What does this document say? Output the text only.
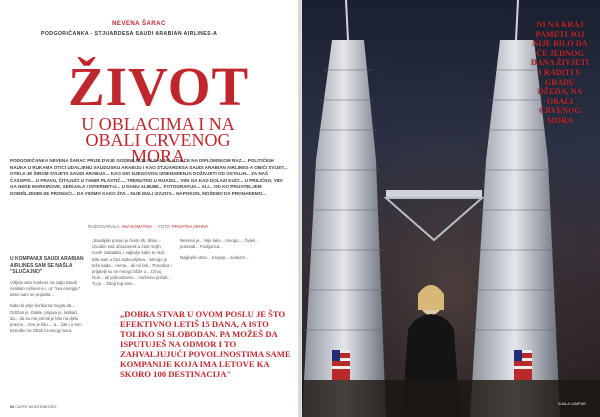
NEVENA ŠARAC
PODGORIČANKA - STJUARDESA SAUDI ARABIAN AIRLINES-A
ŽIVOT
U OBLACIMA I NA OBALI CRVENOG MORA

PODGORIČANKA NEVENA ŠARAC PRIJE DVIJE GODINE NIJE NI SANJALA DA ĆE NA DIPLOMSKOM RAZ.... POLITIČKIH NAUKA U RUKAMA OTICI UDALJENU SAUDIJSKU ARABIJU I KAO STJUARDESA SAUDI ARABIAN AIRLINES-A OBIĆI SVIJET... OTELA JE ŠIROM SVIJETA SAUDI ARABIJA... KAO DIO NJEGOVOG IZNENAĐENJA DOŽIVJETI OD OSTALIH... ZA NAŠ ČASOPIS... U PRAVU, ČITAJUĆI U TAMIR PLASTIČ..., TRENUTNO U RIJADU... VIDI GA KAD DOLAZI KUĆI... U PRILIČNO, VIDI GA NEKE MARKIROVE, SERIJALA I INTERNET-U... U DANU ALBUMI... FOTOGRAFIJA... ALI... OD KO PRIJATELJEM DOMIŠLJENIM SE PRONAĆI... DA VIDIMO KAKO ŽIVI... NIJE MALI IZAZOV... NAPOKON, MOŽEMO DA PRONAĐEMO...

RAZGOVARALA: ANA KOMATINA  ·  FOTO: PRIVATNA ARHIVA
U KOMPANIJI SAUDI ARABIAN AIRLINES SAM SE NAŠLA "SLUČAJNO"

Vidjela sam konkurs na sajtu Saudi Arabian Airlines-a i, uz "svu energiju" tamo sam se prijavila...

Kako bi prije konkursa mogla da... Održan je. Dakle, prijava je, katkad, da... da su me primili je bilo na djelu pravno... Sve je bilo..., a... čak i u tom trenutku na Obali Crvenog mora.

„Saudijski posao je često tih, tišine... Uvodim naš obrazovnik u čast mojih novih zadataka, i najbolje kako to radi. Bila sam u fazi zadovoljstva... Mnogo je teže kada... nema... ali mi fali... Porodica i prijatelji su mi mnogo bliže u ...Crnoj Gori... ali jednostavno... možemo pričati... Tu je... Zbog tog sam...

Nevena je... Nije lako... mnogo..., živjeti... putovati... Podgorica...

Najljepši utisci... Krajnje... svakom...

„DOBRA STVAR U OVOM POSLU JE ŠTO EFEKTIVNO LETIŠ 15 DANA, A ISTO TOLIKO SI SLOBODAN. PA MOŽEŠ DA ISPUTUJEŠ NA ODMOR I TO ZAHVALJUJUĆI POVOLJNOSTIMA SAME KOMPANIJE KOJA IMA LETOVE KA SKORO 100 DESTINACIJA"

84 CAFFE MONTENEGRO

NI NA KRAJ PAMETI JOJ NIJE BILO DA ĆE JEDNOG DANA ŽIVJETI I RADITI U GRADU DŽEDA, NA OBALI CRVENOG MORA

KUALA LUMPUR
